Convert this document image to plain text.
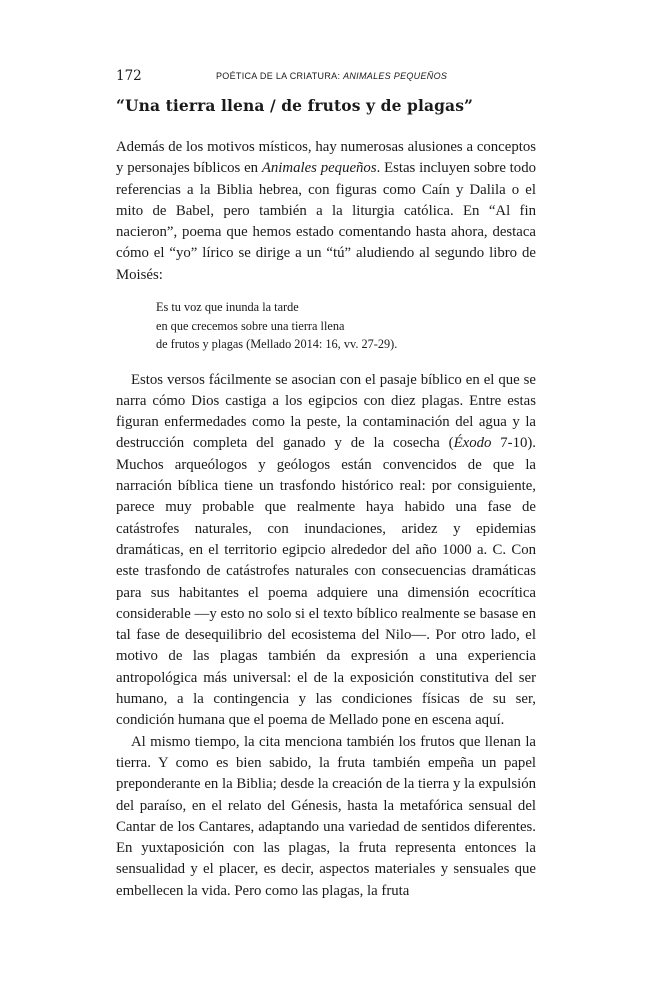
172	POÉTICA DE LA CRIATURA: ANIMALES PEQUEÑOS
“Una tierra llena / de frutos y de plagas”

Además de los motivos místicos, hay numerosas alusiones a conceptos y personajes bíblicos en Animales pequeños. Estas incluyen sobre todo referencias a la Biblia hebrea, con figuras como Caín y Dalila o el mito de Babel, pero también a la liturgia católica. En “Al fin nacieron”, poema que hemos estado comentando hasta ahora, destaca cómo el “yo” lírico se dirige a un “tú” aludiendo al segundo libro de Moisés:

Es tu voz que inunda la tarde
en que crecemos sobre una tierra llena
de frutos y plagas (Mellado 2014: 16, vv. 27-29).

Estos versos fácilmente se asocian con el pasaje bíblico en el que se narra cómo Dios castiga a los egipcios con diez plagas. Entre estas figuran enfermedades como la peste, la contaminación del agua y la destrucción completa del ganado y de la cosecha (Éxodo 7-10). Muchos arqueólogos y geólogos están convencidos de que la narración bíblica tiene un trasfondo histórico real: por consiguiente, parece muy probable que realmente haya habido una fase de catástrofes naturales, con inundaciones, aridez y epidemias dramáticas, en el territorio egipcio alrededor del año 1000 a. C. Con este trasfondo de catástrofes naturales con consecuencias dramáticas para sus habitantes el poema adquiere una dimensión ecocrítica considerable —y esto no solo si el texto bíblico realmente se basase en tal fase de desequilibrio del ecosistema del Nilo—. Por otro lado, el motivo de las plagas también da expresión a una experiencia antropológica más universal: el de la exposición constitutiva del ser humano, a la contingencia y las condiciones físicas de su ser, condición humana que el poema de Mellado pone en escena aquí.

Al mismo tiempo, la cita menciona también los frutos que llenan la tierra. Y como es bien sabido, la fruta también empeña un papel preponderante en la Biblia; desde la creación de la tierra y la expulsión del paraíso, en el relato del Génesis, hasta la metafórica sensual del Cantar de los Cantares, adaptando una variedad de sentidos diferentes. En yuxtaposición con las plagas, la fruta representa entonces la sensualidad y el placer, es decir, aspectos materiales y sensuales que embellecen la vida. Pero como las plagas, la fruta
